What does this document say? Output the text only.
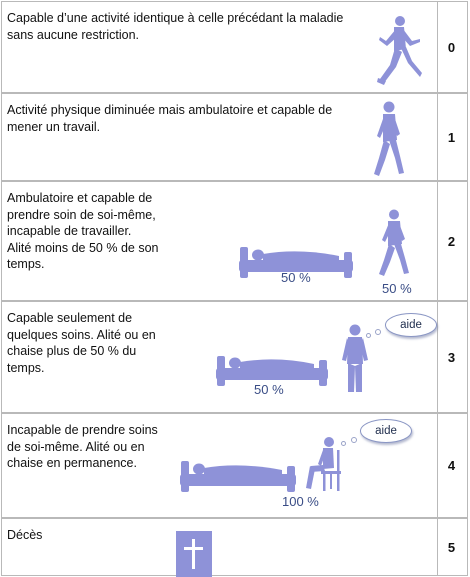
Capable d’une activité identique à celle précédant la maladie
sans aucune restriction.
0
Activité physique diminuée mais ambulatoire et capable de
mener un travail.
1
Ambulatoire et capable de
prendre soin de soi-même,
incapable de travailler.
Alité moins de 50 % de son
temps.
50 %
50 %
2
Capable seulement de
quelques soins. Alité ou en
chaise plus de 50 % du
temps.
50 %
aide
3
Incapable de prendre soins
de soi-même. Alité ou en
chaise en permanence.
100 %
aide
4
Décès
5
